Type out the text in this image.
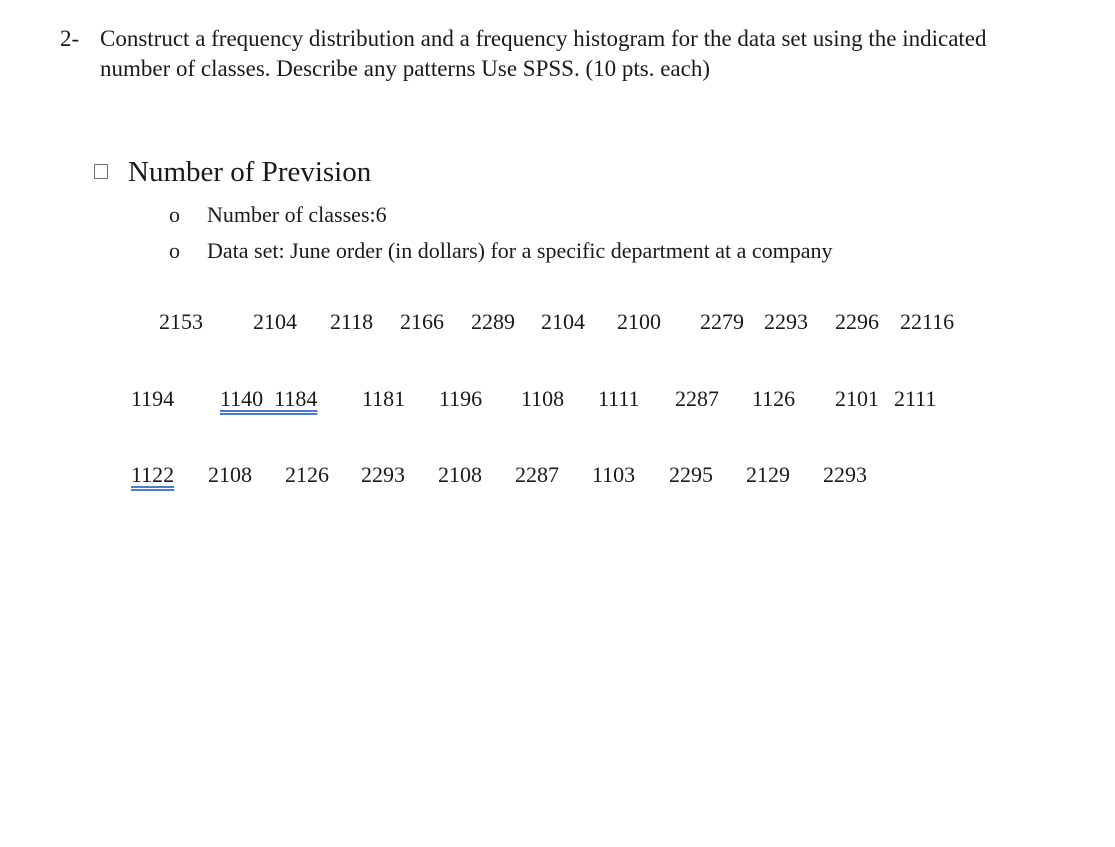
2- Construct a frequency distribution and a frequency histogram for the data set using the indicated
number of classes. Describe any patterns Use SPSS. (10 pts. each)
Number of Prevision
o Number of classes:6
o Data set: June order (in dollars) for a specific department at a company
2153 2104 2118 2166 2289 2104 2100 2279 2293 2296 22116
1194 1140  1184 1181 1196 1108 1111 2287 1126 2101 2111
1122	2108 2126 2293 2108 2287 1103 2295 2129 2293
